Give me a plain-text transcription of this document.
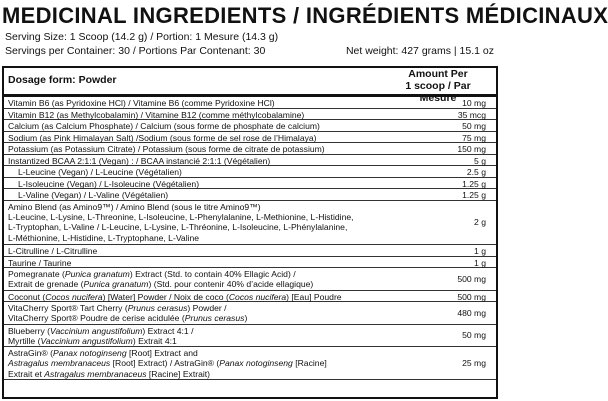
MEDICINAL INGREDIENTS / INGRÉDIENTS MÉDICINAUX
Serving Size: 1 Scoop (14.2 g) / Portion: 1 Mesure (14.3 g)
Servings per Container: 30 / Portions Par Contenant: 30	Net weight: 427 grams | 15.1 oz
Dosage form: Powder	Amount Per
1 scoop / Par Mesure
Vitamin B6 (as Pyridoxine HCl) / Vitamine B6 (comme Pyridoxine HCl)	10 mg
Vitamin B12 (as Methylcobalamin) / Vitamine B12 (comme méthylcobalamine)	35 mcg
Calcium (as Calcium Phosphate) / Calcium (sous forme de phosphate de calcium)	50 mg
Sodium (as Pink Himalayan Salt) /Sodium (sous forme de sel rose de l’Himalaya)	75 mg
Potassium (as Potassium Citrate) / Potassium (sous forme de citrate de potassium)	150 mg
Instantized BCAA 2:1:1 (Vegan) : / BCAA instancié 2:1:1 (Végétalien)	5 g
L-Leucine (Vegan) / L-Leucine (Végétalien)	2.5 g
L-Isoleucine (Vegan) / L-Isoleucine (Végétalien)	1.25 g
L-Valine (Vegan) / L-Valine (Végétalien)	1.25 g
Amino Blend (as Amino9™) / Amino Blend (sous le titre Amino9™)
L-Leucine, L-Lysine, L-Threonine, L-Isoleucine, L-Phenylalanine, L-Methionine, L-Histidine,
L-Tryptophan, L-Valine / L-Leucine, L-Lysine, L-Thréonine, L-Isoleucine, L-Phénylalanine,
L-Méthionine, L-Histidine, L-Tryptophane, L-Valine
2 g
L-Citrulline / L-Citrulline	1 g
Taurine / Taurine	1 g
Pomegranate (Punica granatum) Extract (Std. to contain 40% Ellagic Acid) /
Extrait de grenade (Punica granatum) (Std. pour contenir 40% d’acide ellagique)
500 mg
Coconut (Cocos nucifera) [Water] Powder / Noix de coco (Cocos nucifera) [Eau] Poudre	500 mg
VitaCherry Sport® Tart Cherry (Prunus cerasus) Powder /
VitaCherry Sport® Poudre de cerise acidulée (Prunus cerasus)
480 mg
Blueberry (Vaccinium angustifolium) Extract 4:1 /
Myrtille (Vaccinium angustifolium) Extrait 4:1
50 mg
AstraGin® (Panax notoginseng [Root] Extract and
Astragalus membranaceus [Root] Extract) / AstraGin® (Panax notoginseng [Racine]
Extrait et Astragalus membranaceus [Racine] Extrait)
25 mg
